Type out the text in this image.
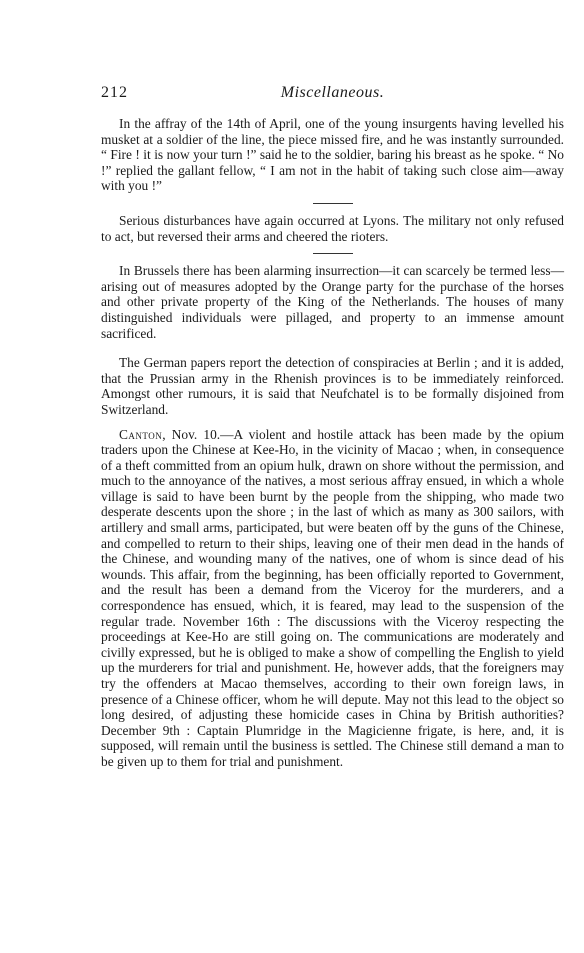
212	Miscellaneous.

In the affray of the 14th of April, one of the young insurgents having levelled his musket at a soldier of the line, the piece missed fire, and he was instantly surrounded. “ Fire ! it is now your turn !” said he to the soldier, baring his breast as he spoke. “ No !” replied the gallant fellow, “ I am not in the habit of taking such close aim—away with you !”

Serious disturbances have again occurred at Lyons. The military not only refused to act, but reversed their arms and cheered the rioters.

In Brussels there has been alarming insurrection—it can scarcely be termed less—arising out of measures adopted by the Orange party for the purchase of the horses and other private property of the King of the Netherlands. The houses of many distinguished individuals were pillaged, and property to an immense amount sacrificed.

The German papers report the detection of conspiracies at Berlin ; and it is added, that the Prussian army in the Rhenish provinces is to be immediately reinforced. Amongst other rumours, it is said that Neufchatel is to be formally disjoined from Switzerland.

Canton, Nov. 10.—A violent and hostile attack has been made by the opium traders upon the Chinese at Kee-Ho, in the vicinity of Macao ; when, in consequence of a theft committed from an opium hulk, drawn on shore without the permission, and much to the annoyance of the natives, a most serious affray ensued, in which a whole village is said to have been burnt by the people from the shipping, who made two desperate descents upon the shore ; in the last of which as many as 300 sailors, with artillery and small arms, participated, but were beaten off by the guns of the Chinese, and compelled to return to their ships, leaving one of their men dead in the hands of the Chinese, and wounding many of the natives, one of whom is since dead of his wounds. This affair, from the beginning, has been officially reported to Government, and the result has been a demand from the Viceroy for the murderers, and a correspondence has ensued, which, it is feared, may lead to the suspension of the regular trade. November 16th : The discussions with the Viceroy respecting the proceedings at Kee-Ho are still going on. The communications are moderately and civilly expressed, but he is obliged to make a show of compelling the English to yield up the murderers for trial and punishment. He, however adds, that the foreigners may try the offenders at Macao themselves, according to their own foreign laws, in presence of a Chinese officer, whom he will depute. May not this lead to the object so long desired, of adjusting these homicide cases in China by British authorities? December 9th : Captain Plumridge in the Magicienne frigate, is here, and, it is supposed, will remain until the business is settled. The Chinese still demand a man to be given up to them for trial and punishment.
